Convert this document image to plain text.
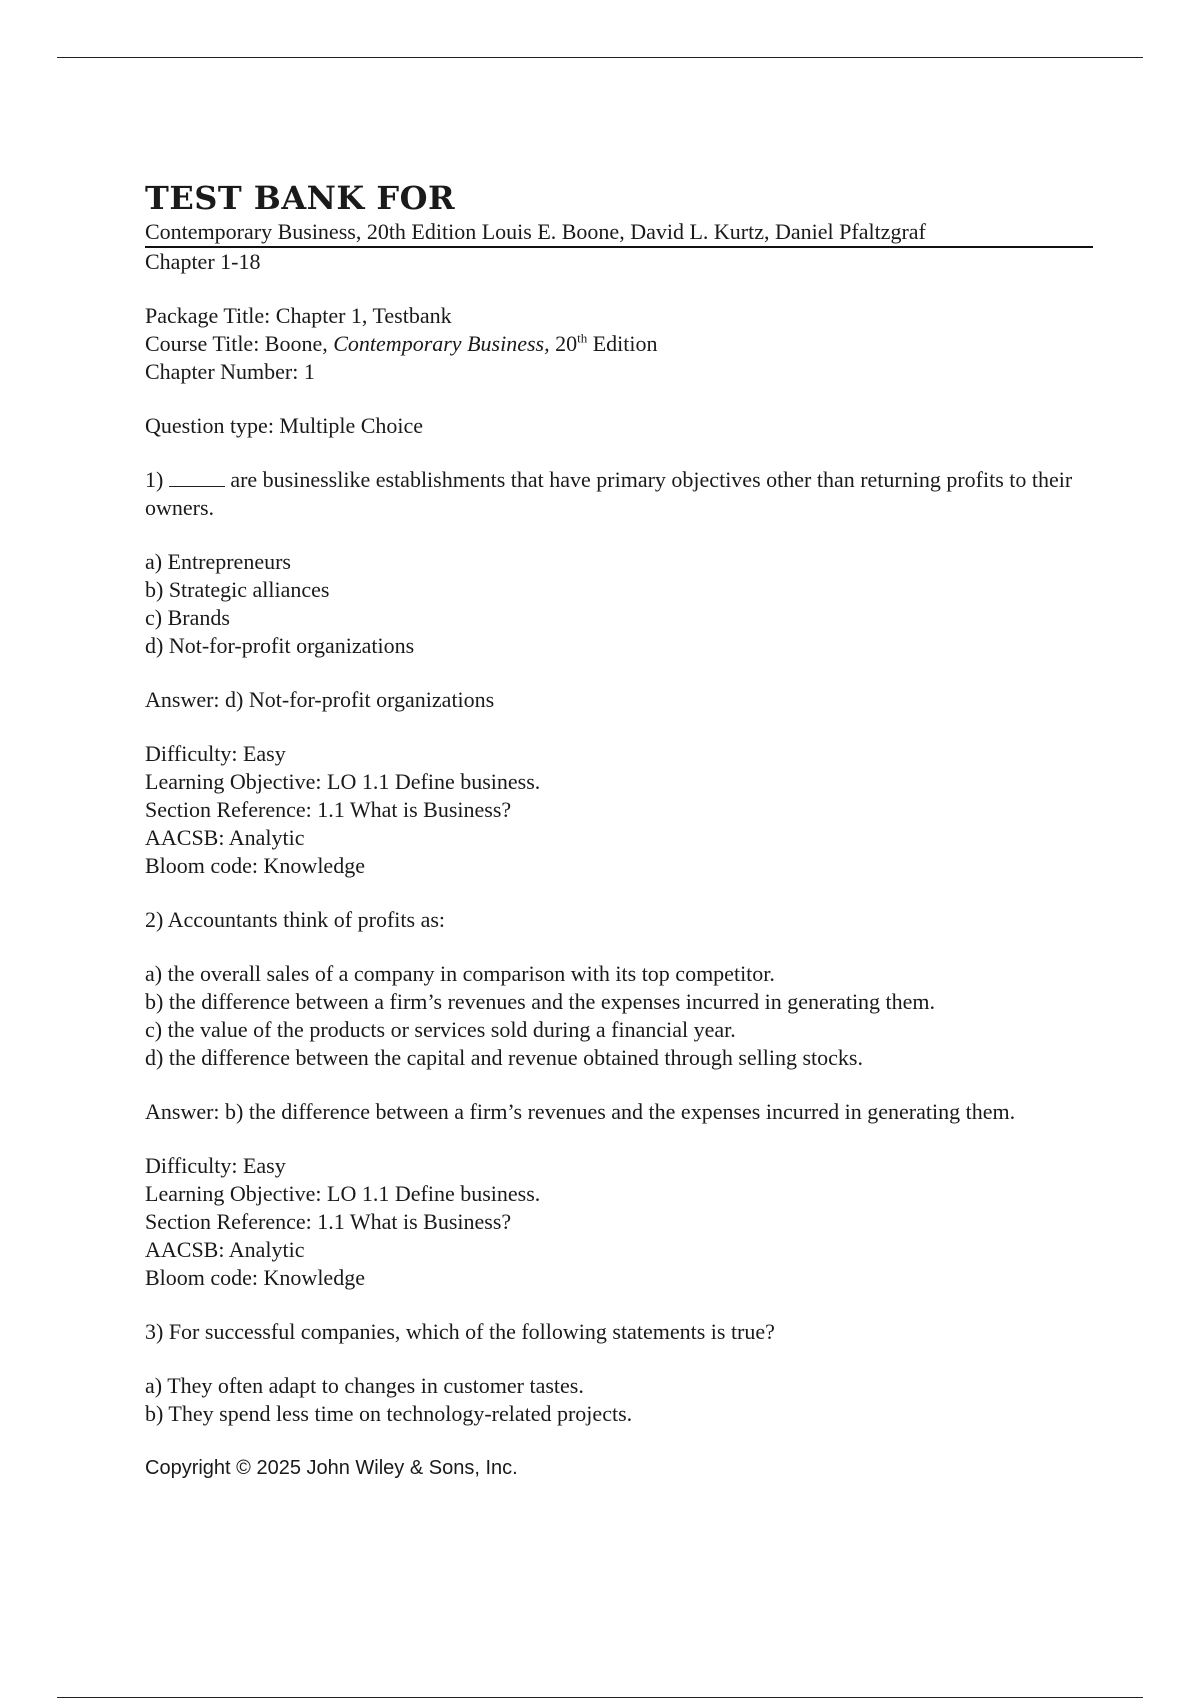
TEST BANK FOR
Contemporary Business, 20th Edition Louis E. Boone, David L. Kurtz, Daniel Pfaltzgraf
Chapter 1-18
Package Title: Chapter 1, Testbank
Course Title: Boone, Contemporary Business, 20th Edition
Chapter Number: 1
Question type: Multiple Choice
1)	are businesslike establishments that have primary objectives other than returning profits to their owners.
a) Entrepreneurs
b) Strategic alliances
c) Brands
d) Not-for-profit organizations
Answer: d) Not-for-profit organizations
Difficulty: Easy
Learning Objective: LO 1.1 Define business.
Section Reference: 1.1 What is Business?
AACSB: Analytic
Bloom code: Knowledge
2) Accountants think of profits as:
a) the overall sales of a company in comparison with its top competitor.
b) the difference between a firm’s revenues and the expenses incurred in generating them.
c) the value of the products or services sold during a financial year.
d) the difference between the capital and revenue obtained through selling stocks.
Answer: b) the difference between a firm’s revenues and the expenses incurred in generating them.
Difficulty: Easy
Learning Objective: LO 1.1 Define business.
Section Reference: 1.1 What is Business?
AACSB: Analytic
Bloom code: Knowledge
3) For successful companies, which of the following statements is true?
a) They often adapt to changes in customer tastes.
b) They spend less time on technology-related projects.
Copyright © 2025 John Wiley & Sons, Inc.
